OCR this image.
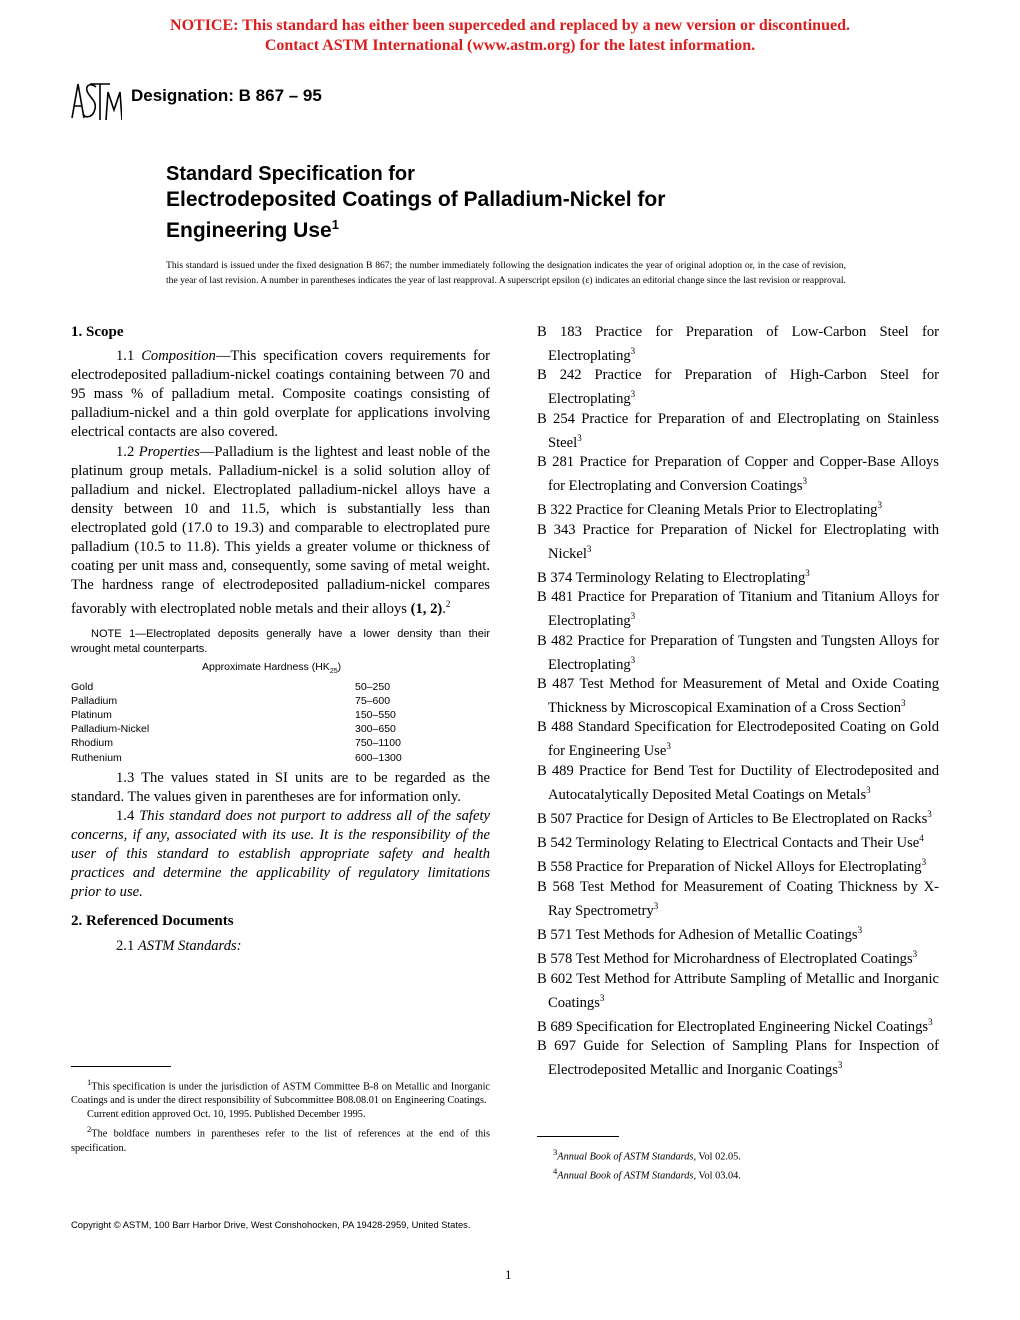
NOTICE: This standard has either been superceded and replaced by a new version or discontinued.
Contact ASTM International (www.astm.org) for the latest information.
ASTM
Designation: B 867 – 95
Standard Specification for
Electrodeposited Coatings of Palladium-Nickel for
Engineering Use$^1$
This standard is issued under the fixed designation B 867; the number immediately following the designation indicates the year of original adoption or, in the case of revision, the year of last revision. A number in parentheses indicates the year of last reapproval. A superscript epsilon (ε) indicates an editorial change since the last revision or reapproval.
1. Scope

1.1 Composition—This specification covers requirements for electrodeposited palladium-nickel coatings containing between 70 and 95 mass % of palladium metal. Composite coatings consisting of palladium-nickel and a thin gold overplate for applications involving electrical contacts are also covered.

1.2 Properties—Palladium is the lightest and least noble of the platinum group metals. Palladium-nickel is a solid solution alloy of palladium and nickel. Electroplated palladium-nickel alloys have a density between 10 and 11.5, which is substantially less than electroplated gold (17.0 to 19.3) and comparable to electroplated pure palladium (10.5 to 11.8). This yields a greater volume or thickness of coating per unit mass and, consequently, some saving of metal weight. The hardness range of electrodeposited palladium-nickel compares favorably with electroplated noble metals and their alloys (1, 2).$^2$

NOTE 1—Electroplated deposits generally have a lower density than their wrought metal counterparts.
Approximate Hardness $(HK_{25})$
Gold	50–250
Palladium	75–600
Platinum	150–550
Palladium-Nickel	300–650
Rhodium	750–1100
Ruthenium	600–1300

1.3 The values stated in SI units are to be regarded as the standard. The values given in parentheses are for information only.

1.4 This standard does not purport to address all of the safety concerns, if any, associated with its use. It is the responsibility of the user of this standard to establish appropriate safety and health practices and determine the applicability of regulatory limitations prior to use.

2. Referenced Documents

2.1 ASTM Standards:

B 183 Practice for Preparation of Low-Carbon Steel for Electroplating$^3$

B 242 Practice for Preparation of High-Carbon Steel for Electroplating$^3$

B 254 Practice for Preparation of and Electroplating on Stainless Steel$^3$

B 281 Practice for Preparation of Copper and Copper-Base Alloys for Electroplating and Conversion Coatings$^3$

B 322 Practice for Cleaning Metals Prior to Electroplating$^3$

B 343 Practice for Preparation of Nickel for Electroplating with Nickel$^3$

B 374 Terminology Relating to Electroplating$^3$

B 481 Practice for Preparation of Titanium and Titanium Alloys for Electroplating$^3$

B 482 Practice for Preparation of Tungsten and Tungsten Alloys for Electroplating$^3$

B 487 Test Method for Measurement of Metal and Oxide Coating Thickness by Microscopical Examination of a Cross Section$^3$

B 488 Standard Specification for Electrodeposited Coating on Gold for Engineering Use$^3$

B 489 Practice for Bend Test for Ductility of Electrodeposited and Autocatalytically Deposited Metal Coatings on Metals$^3$

B 507 Practice for Design of Articles to Be Electroplated on Racks$^3$

B 542 Terminology Relating to Electrical Contacts and Their Use$^4$

B 558 Practice for Preparation of Nickel Alloys for Electroplating$^3$

B 568 Test Method for Measurement of Coating Thickness by X-Ray Spectrometry$^3$

B 571 Test Methods for Adhesion of Metallic Coatings$^3$

B 578 Test Method for Microhardness of Electroplated Coatings$^3$

B 602 Test Method for Attribute Sampling of Metallic and Inorganic Coatings$^3$

B 689 Specification for Electroplated Engineering Nickel Coatings$^3$

B 697 Guide for Selection of Sampling Plans for Inspection of Electrodeposited Metallic and Inorganic Coatings$^3$

$^1$This specification is under the jurisdiction of ASTM Committee B-8 on Metallic and Inorganic Coatings and is under the direct responsibility of Subcommittee B08.08.01 on Engineering Coatings.

Current edition approved Oct. 10, 1995. Published December 1995.

$^2$The boldface numbers in parentheses refer to the list of references at the end of this specification.	$^3$Annual Book of ASTM Standards, Vol 02.05.

$^4$Annual Book of ASTM Standards, Vol 03.04.

Copyright © ASTM, 100 Barr Harbor Drive, West Conshohocken, PA 19428-2959, United States.
1
